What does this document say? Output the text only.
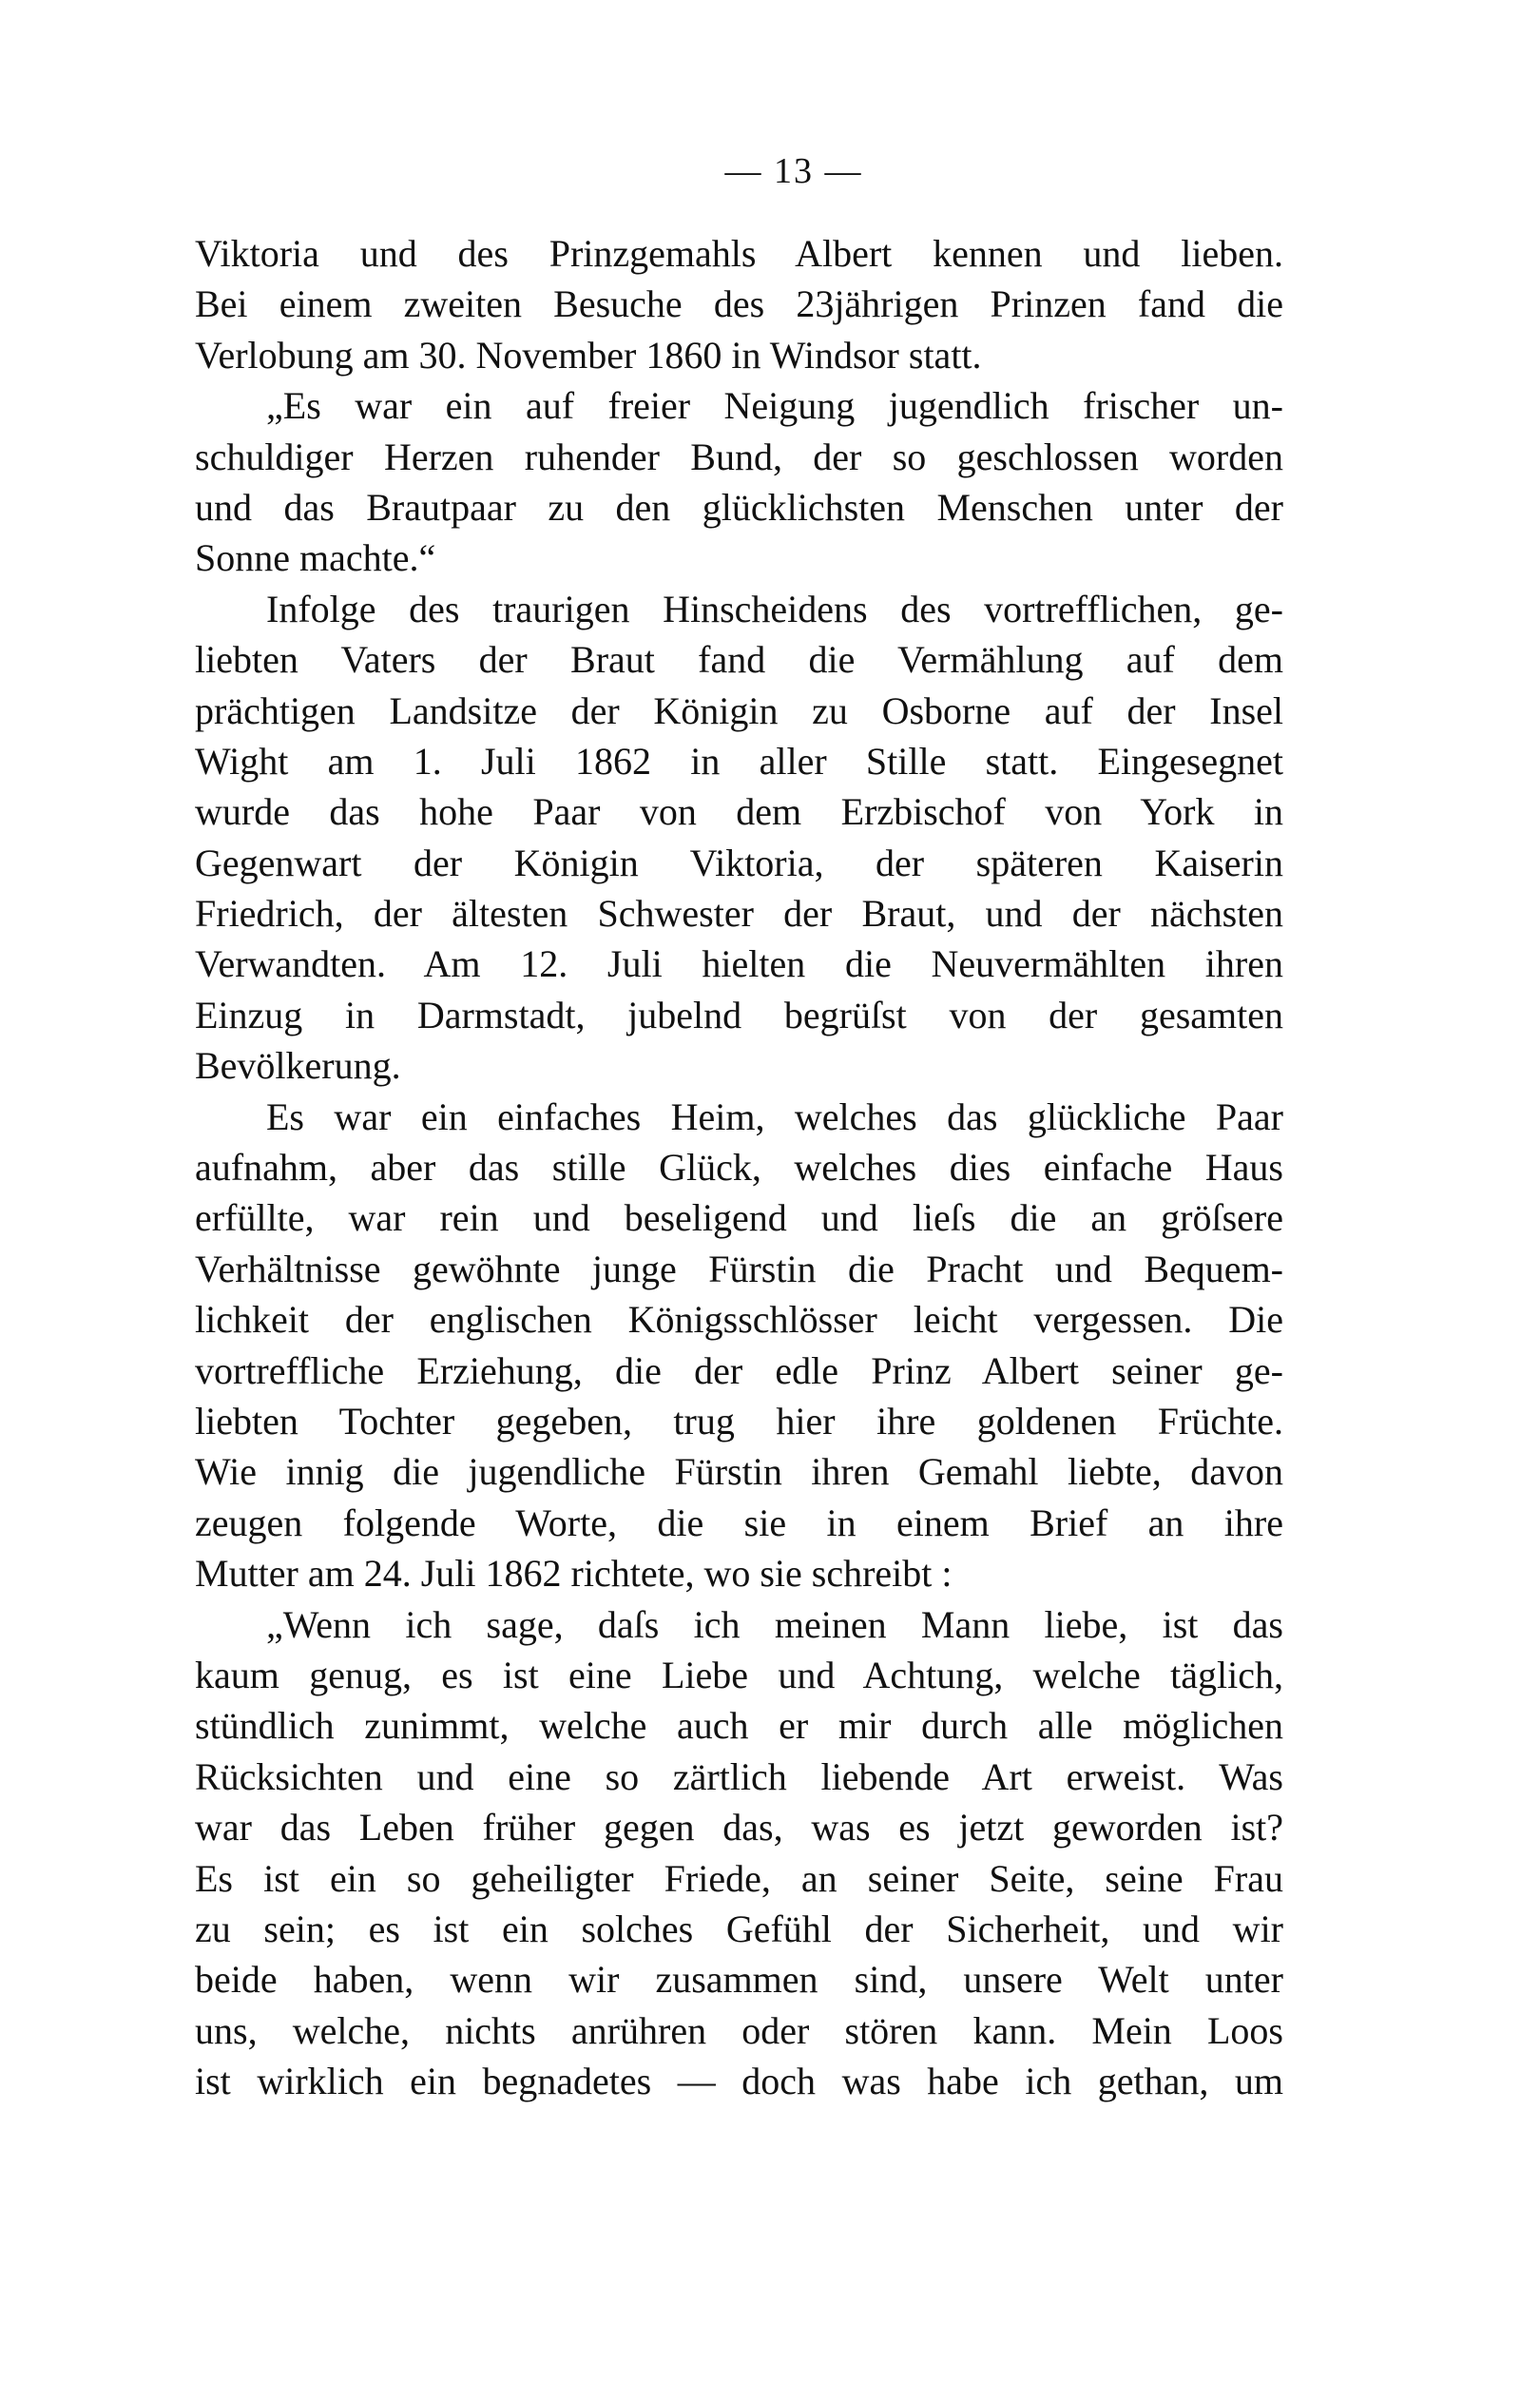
— 13 —
Viktoria und des Prinzgemahls Albert kennen und lieben.
Bei einem zweiten Besuche des 23jährigen Prinzen fand die
Verlobung am 30. November 1860 in Windsor statt.
„Es war ein auf freier Neigung jugendlich frischer un-
schuldiger Herzen ruhender Bund, der so geschlossen worden
und das Brautpaar zu den glücklichsten Menschen unter der
Sonne machte.“
Infolge des traurigen Hinscheidens des vortrefflichen, ge-
liebten Vaters der Braut fand die Vermählung auf dem
prächtigen Landsitze der Königin zu Osborne auf der Insel
Wight am 1. Juli 1862 in aller Stille statt. Eingesegnet
wurde das hohe Paar von dem Erzbischof von York in
Gegenwart der Königin Viktoria, der späteren Kaiserin
Friedrich, der ältesten Schwester der Braut, und der nächsten
Verwandten. Am 12. Juli hielten die Neuvermählten ihren
Einzug in Darmstadt, jubelnd begrüſst von der gesamten
Bevölkerung.
Es war ein einfaches Heim, welches das glückliche Paar
aufnahm, aber das stille Glück, welches dies einfache Haus
erfüllte, war rein und beseligend und lieſs die an gröſsere
Verhältnisse gewöhnte junge Fürstin die Pracht und Bequem-
lichkeit der englischen Königsschlösser leicht vergessen. Die
vortreffliche Erziehung, die der edle Prinz Albert seiner ge-
liebten Tochter gegeben, trug hier ihre goldenen Früchte.
Wie innig die jugendliche Fürstin ihren Gemahl liebte, davon
zeugen folgende Worte, die sie in einem Brief an ihre
Mutter am 24. Juli 1862 richtete, wo sie schreibt :
„Wenn ich sage, daſs ich meinen Mann liebe, ist das
kaum genug, es ist eine Liebe und Achtung, welche täglich,
stündlich zunimmt, welche auch er mir durch alle möglichen
Rücksichten und eine so zärtlich liebende Art erweist. Was
war das Leben früher gegen das, was es jetzt geworden ist?
Es ist ein so geheiligter Friede, an seiner Seite, seine Frau
zu sein; es ist ein solches Gefühl der Sicherheit, und wir
beide haben, wenn wir zusammen sind, unsere Welt unter
uns, welche, nichts anrühren oder stören kann. Mein Loos
ist wirklich ein begnadetes — doch was habe ich gethan, um
